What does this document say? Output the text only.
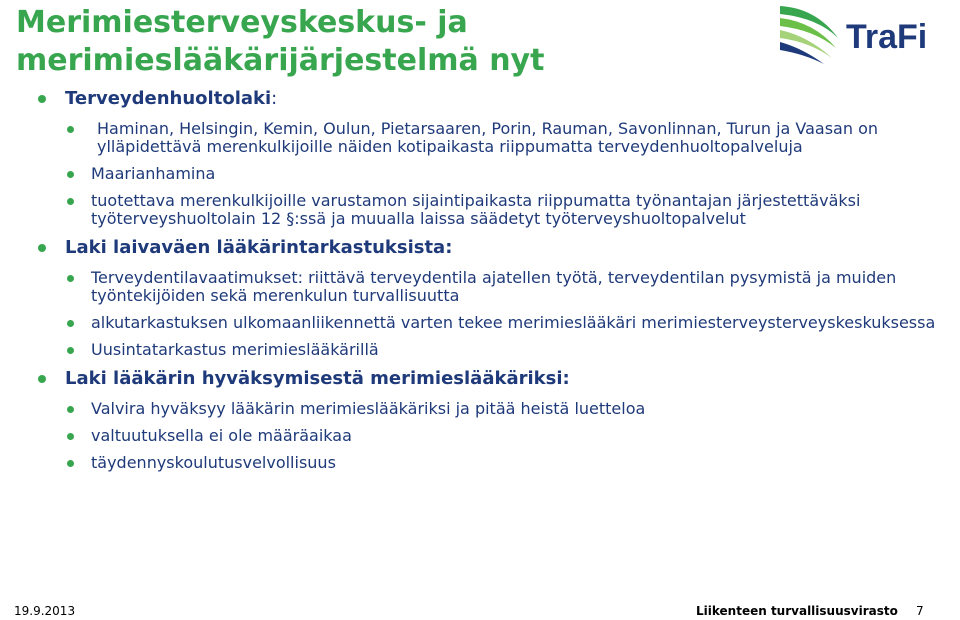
Merimiesterveyskeskus- ja merimieslääkärijärjestelmä nyt
TraFi
Terveydenhuoltolaki:
Haminan, Helsingin, Kemin, Oulun, Pietarsaaren, Porin, Rauman, Savonlinnan, Turun ja Vaasan on ylläpidettävä merenkulkijoille näiden kotipaikasta riippumatta terveydenhuoltopalveluja
Maarianhamina
tuotettava merenkulkijoille varustamon sijaintipaikasta riippumatta työnantajan järjestettäväksi työterveyshuoltolain 12 §:ssä ja muualla laissa säädetyt työterveyshuoltopalvelut
Laki laivaväen lääkärintarkastuksista:
Terveydentilavaatimukset: riittävä terveydentila ajatellen työtä, terveydentilan pysymistä ja muiden työntekijöiden sekä merenkulun turvallisuutta
alkutarkastuksen ulkomaanliikennettä varten tekee merimieslääkäri merimiesterveysterveyskeskuksessa
Uusintatarkastus merimieslääkärillä
Laki lääkärin hyväksymisestä merimieslääkäriksi:
Valvira hyväksyy lääkärin merimieslääkäriksi ja pitää heistä luetteloa
valtuutuksella ei ole määräaikaa
täydennyskoulutusvelvollisuus
19.9.2013	Liikenteen turvallisuusvirasto 7
